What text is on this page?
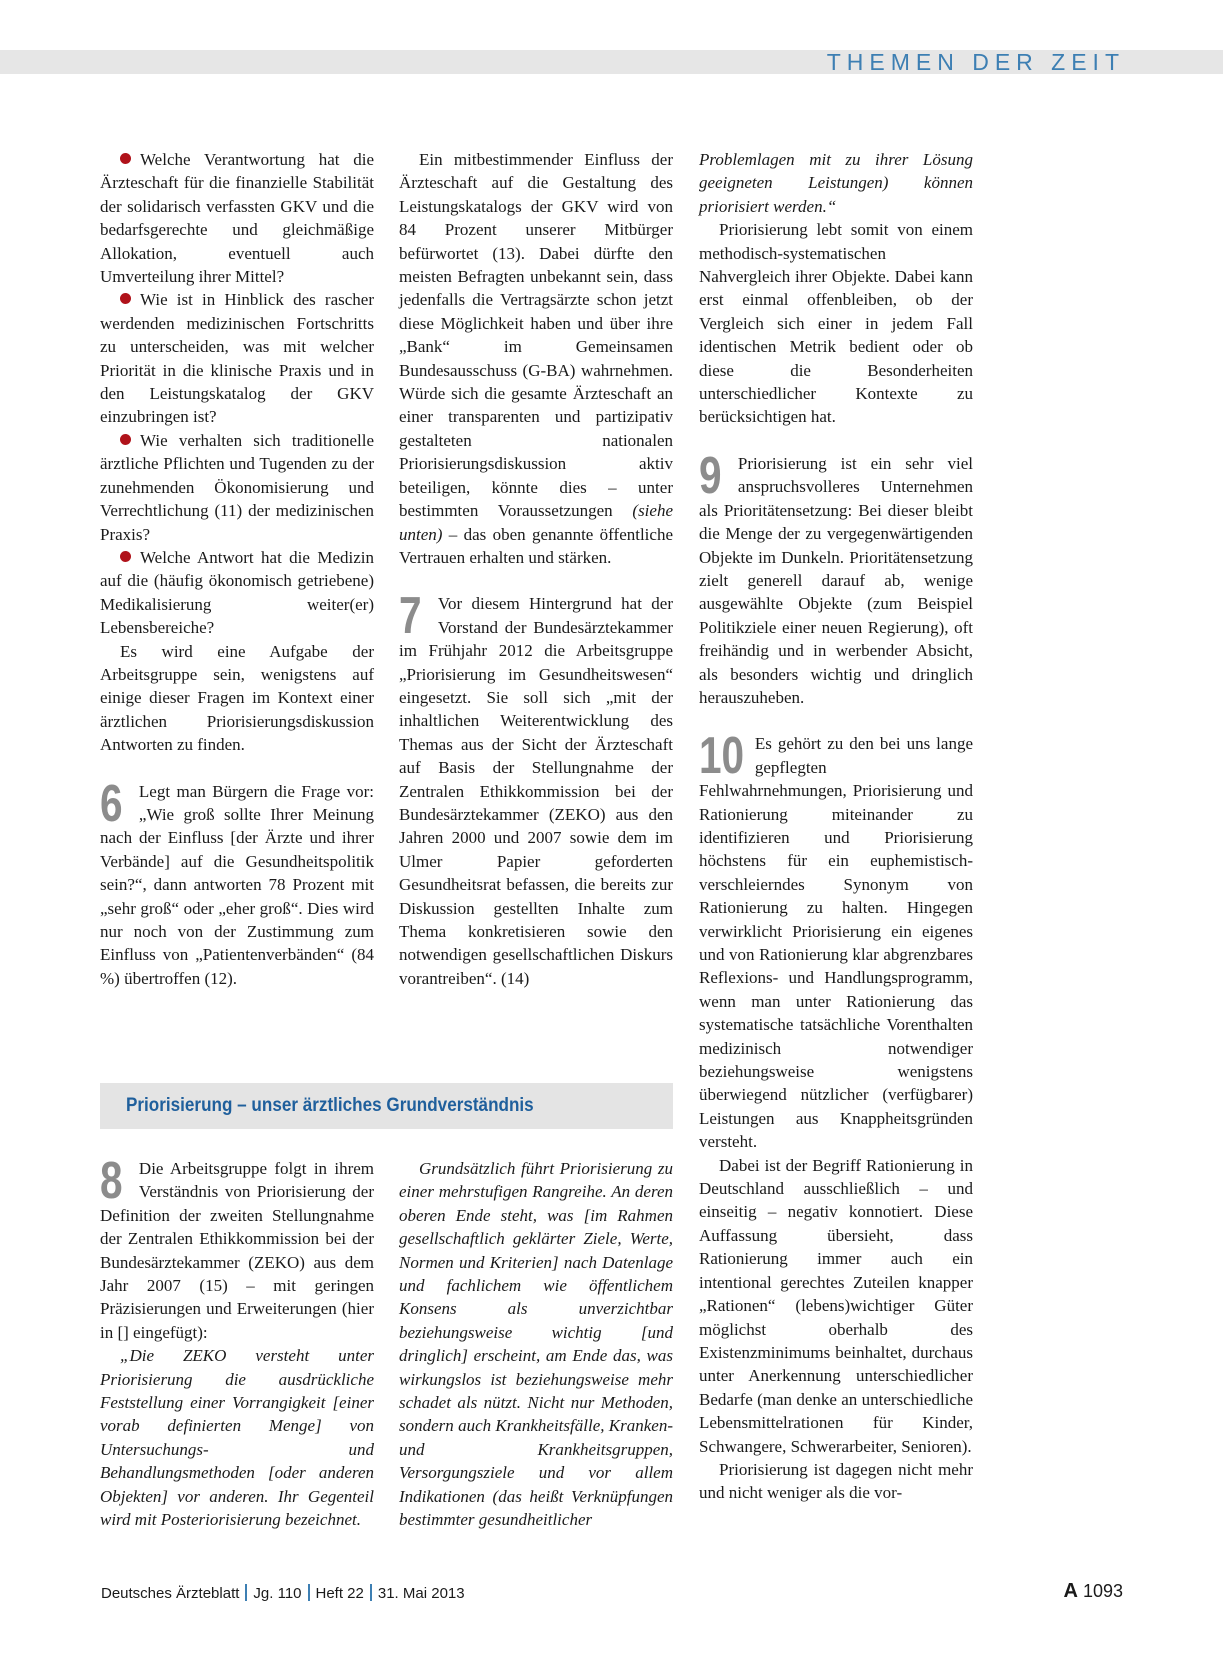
THEMEN DER ZEIT

Welche Verantwortung hat die Ärzteschaft für die finanzielle Stabilität der solidarisch verfassten GKV und die bedarfsgerechte und gleichmäßige Allokation, eventuell auch Umverteilung ihrer Mittel?

Wie ist in Hinblick des rascher werdenden medizinischen Fortschritts zu unterscheiden, was mit welcher Priorität in die klinische Praxis und in den Leistungskatalog der GKV einzubringen ist?

Wie verhalten sich traditionelle ärztliche Pflichten und Tugenden zu der zunehmenden Ökonomisierung und Verrechtlichung (11) der medizinischen Praxis?

Welche Antwort hat die Medizin auf die (häufig ökonomisch getriebene) Medikalisierung weiter(er) Lebensbereiche?

Es wird eine Aufgabe der Arbeitsgruppe sein, wenigstens auf einige dieser Fragen im Kontext einer ärztlichen Priorisierungsdiskussion Antworten zu finden.

6 Legt man Bürgern die Frage vor: „Wie groß sollte Ihrer Meinung nach der Einfluss [der Ärzte und ihrer Verbände] auf die Gesundheitspolitik sein?“, dann antworten 78 Prozent mit „sehr groß“ oder „eher groß“. Dies wird nur noch von der Zustimmung zum Einfluss von „Patientenverbänden“ (84 %) übertroffen (12).

Ein mitbestimmender Einfluss der Ärzteschaft auf die Gestaltung des Leistungskatalogs der GKV wird von 84 Prozent unserer Mitbürger befürwortet (13). Dabei dürfte den meisten Befragten unbekannt sein, dass jedenfalls die Vertragsärzte schon jetzt diese Möglichkeit haben und über ihre „Bank“ im Gemeinsamen Bundesausschuss (G-BA) wahrnehmen. Würde sich die gesamte Ärzteschaft an einer transparenten und partizipativ gestalteten nationalen Priorisierungsdiskussion aktiv beteiligen, könnte dies – unter bestimmten Voraussetzungen (siehe unten) – das oben genannte öffentliche Vertrauen erhalten und stärken.

7 Vor diesem Hintergrund hat der Vorstand der Bundesärztekammer im Frühjahr 2012 die Arbeitsgruppe „Priorisierung im Gesundheitswesen“ eingesetzt. Sie soll sich „mit der inhaltlichen Weiterentwicklung des Themas aus der Sicht der Ärzteschaft auf Basis der Stellungnahme der Zentralen Ethikkommission bei der Bundesärztekammer (ZEKO) aus den Jahren 2000 und 2007 sowie dem im Ulmer Papier geforderten Gesundheitsrat befassen, die bereits zur Diskussion gestellten Inhalte zum Thema konkretisieren sowie den notwendigen gesellschaftlichen Diskurs vorantreiben“. (14)

Priorisierung – unser ärztliches Grundverständnis
8 Die Arbeitsgruppe folgt in ihrem Verständnis von Priorisierung der Definition der zweiten Stellungnahme der Zentralen Ethikkommission bei der Bundesärztekammer (ZEKO) aus dem Jahr 2007 (15) – mit geringen Präzisierungen und Erweiterungen (hier in [] eingefügt):

„Die ZEKO versteht unter Priorisierung die ausdrückliche Feststellung einer Vorrangigkeit [einer vorab definierten Menge] von Untersuchungs- und Behandlungsmethoden [oder anderen Objekten] vor anderen. Ihr Gegenteil wird mit Posteriorisierung bezeichnet.

Grundsätzlich führt Priorisierung zu einer mehrstufigen Rangreihe. An deren oberen Ende steht, was [im Rahmen gesellschaftlich geklärter Ziele, Werte, Normen und Kriterien] nach Datenlage und fachlichem wie öffentlichem Konsens als unverzichtbar beziehungsweise wichtig [und dringlich] erscheint, am Ende das, was wirkungslos ist beziehungsweise mehr schadet als nützt. Nicht nur Methoden, sondern auch Krankheitsfälle, Kranken- und Krankheitsgruppen, Versorgungsziele und vor allem Indikationen (das heißt Verknüpfungen bestimmter gesundheitlicher

Problemlagen mit zu ihrer Lösung geeigneten Leistungen) können priorisiert werden.“

Priorisierung lebt somit von einem methodisch-systematischen Nahvergleich ihrer Objekte. Dabei kann erst einmal offenbleiben, ob der Vergleich sich einer in jedem Fall identischen Metrik bedient oder ob diese die Besonderheiten unterschiedlicher Kontexte zu berücksichtigen hat.

9 Priorisierung ist ein sehr viel anspruchsvolleres Unternehmen als Prioritätensetzung: Bei dieser bleibt die Menge der zu vergegenwärtigenden Objekte im Dunkeln. Prioritätensetzung zielt generell darauf ab, wenige ausgewählte Objekte (zum Beispiel Politikziele einer neuen Regierung), oft freihändig und in werbender Absicht, als besonders wichtig und dringlich herauszuheben.

10 Es gehört zu den bei uns lange gepflegten Fehlwahrnehmungen, Priorisierung und Rationierung miteinander zu identifizieren und Priorisierung höchstens für ein euphemistisch-verschleierndes Synonym von Rationierung zu halten. Hingegen verwirklicht Priorisierung ein eigenes und von Rationierung klar abgrenzbares Reflexions- und Handlungsprogramm, wenn man unter Rationierung das systematische tatsächliche Vorenthalten medizinisch notwendiger beziehungsweise wenigstens überwiegend nützlicher (verfügbarer) Leistungen aus Knappheitsgründen versteht.

Dabei ist der Begriff Rationierung in Deutschland ausschließlich – und einseitig – negativ konnotiert. Diese Auffassung übersieht, dass Rationierung immer auch ein intentional gerechtes Zuteilen knapper „Rationen“ (lebens)wichtiger Güter möglichst oberhalb des Existenzminimums beinhaltet, durchaus unter Anerkennung unterschiedlicher Bedarfe (man denke an unterschiedliche Lebensmittelrationen für Kinder, Schwangere, Schwerarbeiter, Senioren).

Priorisierung ist dagegen nicht mehr und nicht weniger als die vor-

Deutsches Ärzteblatt Jg. 110 Heft 22 31. Mai 2013	A 1093
